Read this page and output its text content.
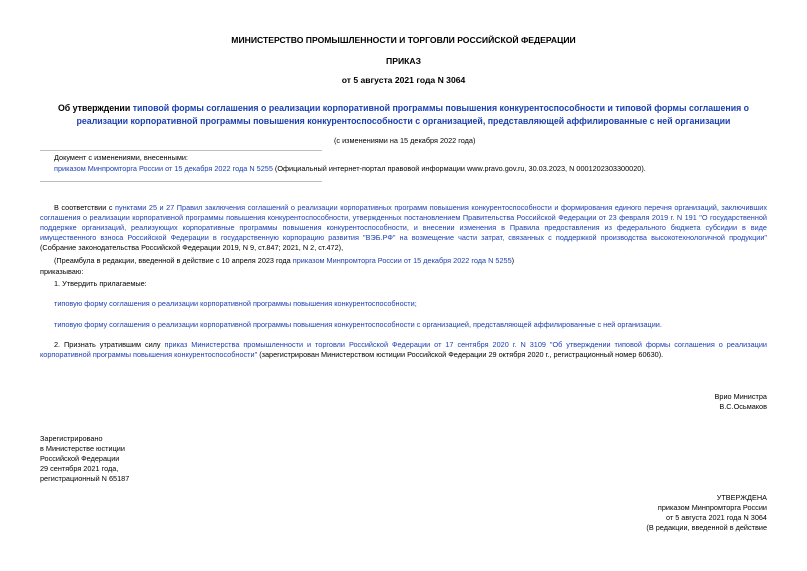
МИНИСТЕРСТВО ПРОМЫШЛЕННОСТИ И ТОРГОВЛИ РОССИЙСКОЙ ФЕДЕРАЦИИ
ПРИКАЗ
от 5 августа 2021 года N 3064
Об утверждении типовой формы соглашения о реализации корпоративной программы повышения конкурентоспособности и типовой формы соглашения о реализации корпоративной программы повышения конкурентоспособности с организацией, представляющей аффилированные с ней организации
(с изменениями на 15 декабря 2022 года)
Документ с изменениями, внесенными:
приказом Минпромторга России от 15 декабря 2022 года N 5255 (Официальный интернет-портал правовой информации www.pravo.gov.ru, 30.03.2023, N 0001202303300020).
В соответствии с пунктами 25 и 27 Правил заключения соглашений о реализации корпоративных программ повышения конкурентоспособности и формирования единого перечня организаций, заключивших соглашения о реализации корпоративной программы повышения конкурентоспособности, утвержденных постановлением Правительства Российской Федерации от 23 февраля 2019 г. N 191 "О государственной поддержке организаций, реализующих корпоративные программы повышения конкурентоспособности, и внесении изменения в Правила предоставления из федерального бюджета субсидии в виде имущественного взноса Российской Федерации в государственную корпорацию развития "ВЭБ.РФ" на возмещение части затрат, связанных с поддержкой производства высокотехнологичной продукции" (Собрание законодательства Российской Федерации 2019, N 9, ст.847; 2021, N 2, ст.472),
(Преамбула в редакции, введенной в действие с 10 апреля 2023 года приказом Минпромторга России от 15 декабря 2022 года N 5255)
приказываю:
1. Утвердить прилагаемые:
типовую форму соглашения о реализации корпоративной программы повышения конкурентоспособности;
типовую форму соглашения о реализации корпоративной программы повышения конкурентоспособности с организацией, представляющей аффилированные с ней организации.
2. Признать утратившим силу приказ Министерства промышленности и торговли Российской Федерации от 17 сентября 2020 г. N 3109 "Об утверждении типовой формы соглашения о реализации корпоративной программы повышения конкурентоспособности" (зарегистрирован Министерством юстиции Российской Федерации 29 октября 2020 г., регистрационный номер 60630).
Врио Министра
В.С.Осьмаков

Зарегистрировано

в Министерстве юстиции

Российской Федерации

29 сентября 2021 года,

регистрационный N 65187

УТВЕРЖДЕНА

приказом Минпромторга России

от 5 августа 2021 года N 3064

(В редакции, введенной в действие
